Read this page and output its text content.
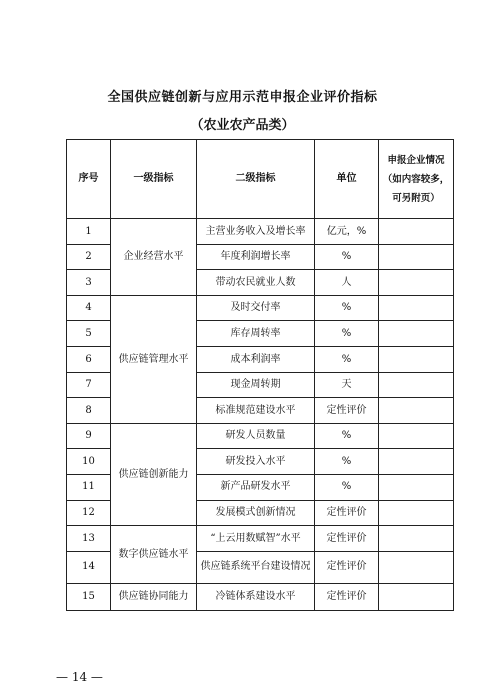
全国供应链创新与应用示范申报企业评价指标
（农业农产品类）
序号	一级指标	二级指标	单位	申报企业情况（如内容较多，可另附页）
1	企业经营水平	主营业务收入及增长率	亿元，%	
2		年度利润增长率	%	
3		带动农民就业人数	人	
4	供应链管理水平	及时交付率	%	
5		库存周转率	%	
6		成本利润率	%	
7		现金周转期	天	
8		标准规范建设水平	定性评价	
9	供应链创新能力	研发人员数量	%	
10		研发投入水平	%	
11		新产品研发水平	%	
12		发展模式创新情况	定性评价	
13	数字供应链水平	“上云用数赋智”水平	定性评价	
14		供应链系统平台建设情况	定性评价	
15	供应链协同能力	冷链体系建设水平	定性评价	
— 14 —
